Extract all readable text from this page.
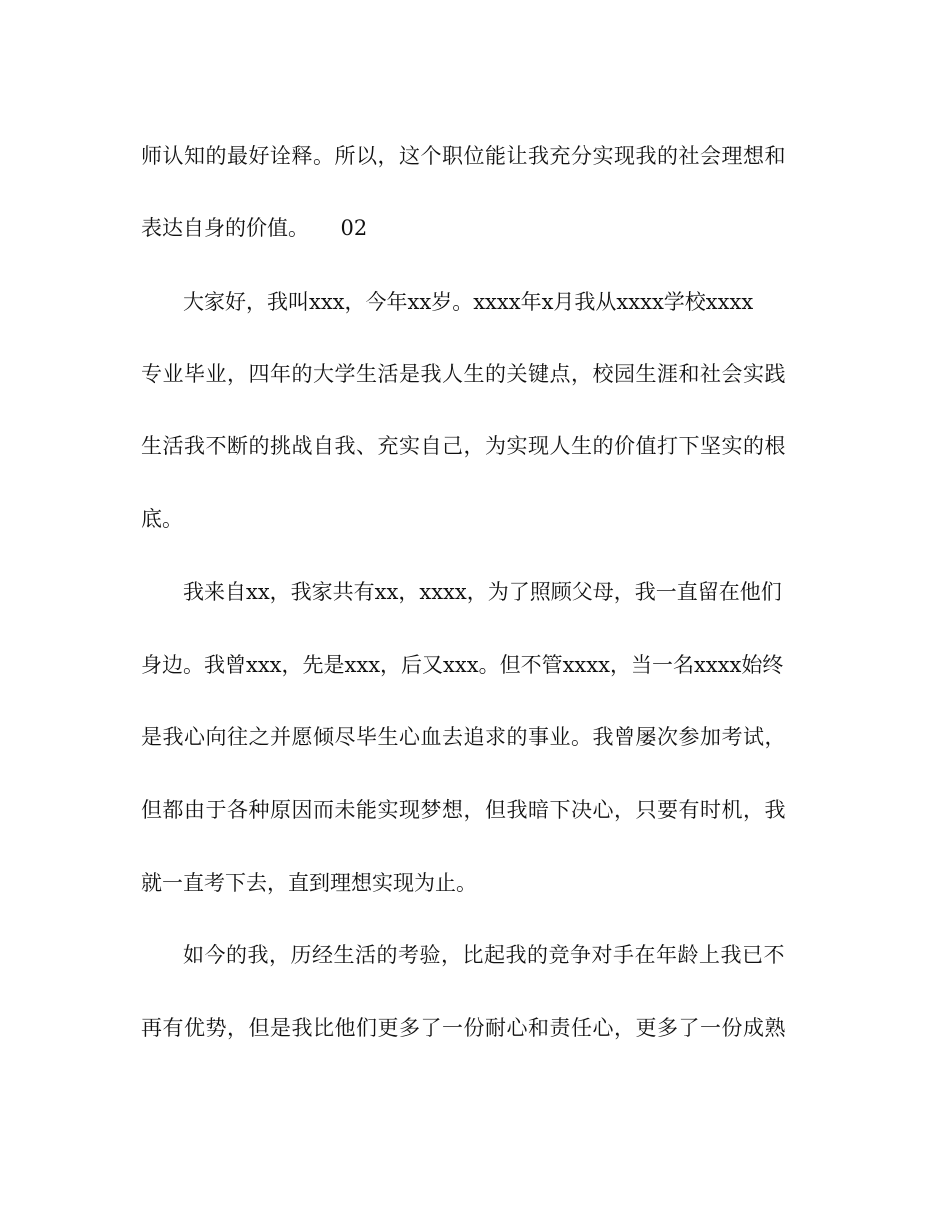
师认知的最好诠释。所以，这个职位能让我充分实现我的社会理想和
表达自身的价值。　　02
大家好，我叫xxx，今年xx岁。xxxx年x月我从xxxx学校xxxx
专业毕业，四年的大学生活是我人生的关键点，校园生涯和社会实践
生活我不断的挑战自我、充实自己，为实现人生的价值打下坚实的根
底。
我来自xx，我家共有xx，xxxx，为了照顾父母，我一直留在他们
身边。我曾xxx，先是xxx，后又xxx。但不管xxxx，当一名xxxx始终
是我心向往之并愿倾尽毕生心血去追求的事业。我曾屡次参加考试，
但都由于各种原因而未能实现梦想，但我暗下决心，只要有时机，我
就一直考下去，直到理想实现为止。
如今的我，历经生活的考验，比起我的竞争对手在年龄上我已不
再有优势，但是我比他们更多了一份耐心和责任心，更多了一份成熟
